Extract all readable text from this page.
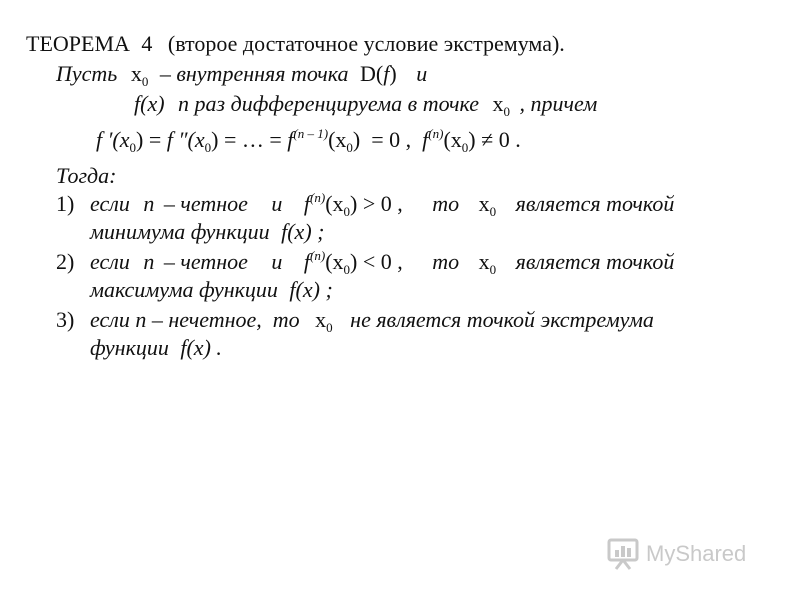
ТЕОРЕМА 4 (второе достаточное условие экстремума).
Пусть $x_0$ – внутренняя точка D(f) и
f(x) n раз дифференцируема в точке $x_0$ , причем
f $'(x_0) = f$ $''(x_0)$ = … = $f^{(n - 1)}(x_0) = 0$ ,  $f^{(n)}(x_0) \ne 0$ .
Тогда:
1) если n – четное и $f^{(n)}(x_0) > 0$ , то $x_0$ является точкой
минимума функции f(x) ;
2) если n – четное и $f^{(n)}(x_0) < 0$ , то $x_0$ является точкой
максимума функции f(x) ;
3) если n – нечетное,  то $x_0$ не является точкой экстремума
функции f(x) .
MyShared
